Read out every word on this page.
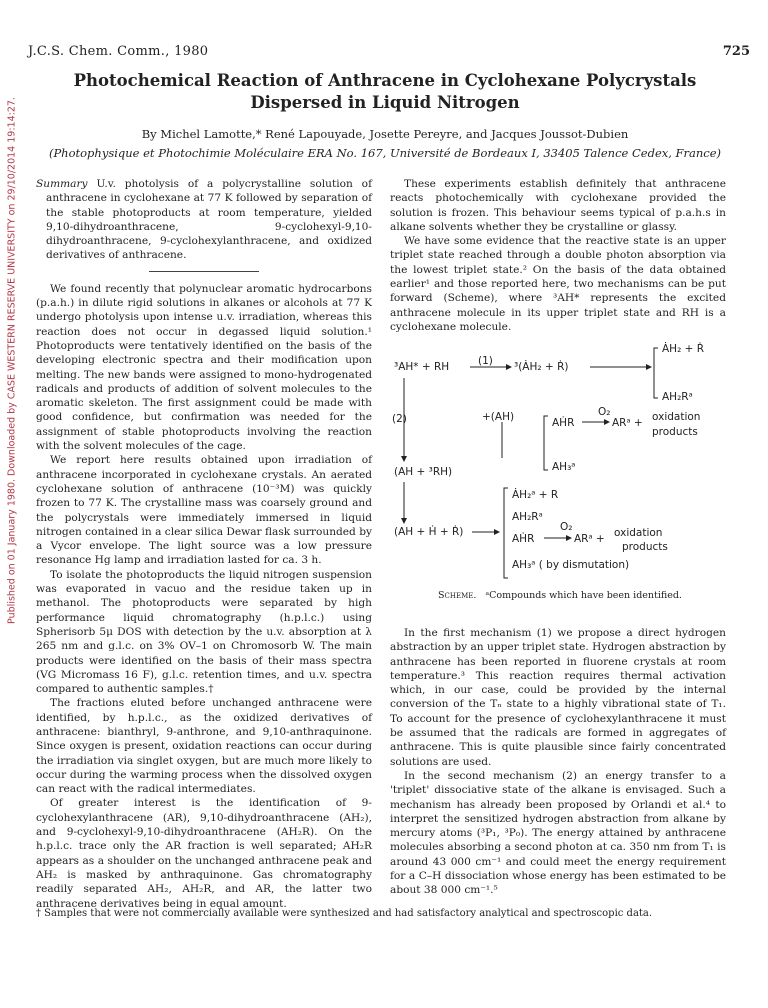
J.C.S. Chem. Comm., 1980	725
Published on 01 January 1980. Downloaded by CASE WESTERN RESERVE UNIVERSITY on 29/10/2014 19:14:27.
Photochemical Reaction of Anthracene in Cyclohexane Polycrystals
Dispersed in Liquid Nitrogen
By Michel Lamotte,* René Lapouyade, Josette Pereyre, and Jacques Joussot-Dubien
(Photophysique et Photochimie Moléculaire ERA No. 167, Université de Bordeaux I, 33405 Talence Cedex, France)
Summary U.v. photolysis of a polycrystalline solution of anthracene in cyclohexane at 77 K followed by separation of the stable photoproducts at room temperature, yielded 9,10-dihydroanthracene, 9-cyclohexyl-9,10-dihydroanthracene, 9-cyclohexylanthracene, and oxidized derivatives of anthracene.

We found recently that polynuclear aromatic hydrocarbons (p.a.h.) in dilute rigid solutions in alkanes or alcohols at 77 K undergo photolysis upon intense u.v. irradiation, whereas this reaction does not occur in degassed liquid solution.¹ Photoproducts were tentatively identified on the basis of the developing electronic spectra and their modification upon melting. The new bands were assigned to mono-hydrogenated radicals and products of addition of solvent molecules to the aromatic skeleton. The first assignment could be made with good confidence, but confirmation was needed for the assignment of stable photoproducts involving the reaction with the solvent molecules of the cage.

We report here results obtained upon irradiation of anthracene incorporated in cyclohexane crystals. An aerated cyclohexane solution of anthracene (10⁻³M) was quickly frozen to 77 K. The crystalline mass was coarsely ground and the polycrystals were immediately immersed in liquid nitrogen contained in a clear silica Dewar flask surrounded by a Vycor envelope. The light source was a low pressure resonance Hg lamp and irradiation lasted for ca. 3 h.

To isolate the photoproducts the liquid nitrogen suspension was evaporated in vacuo and the residue taken up in methanol. The photoproducts were separated by high performance liquid chromatography (h.p.l.c.) using Spherisorb 5μ DOS with detection by the u.v. absorption at λ 265 nm and g.l.c. on 3% OV–1 on Chromosorb W. The main products were identified on the basis of their mass spectra (VG Micromass 16 F), g.l.c. retention times, and u.v. spectra compared to authentic samples.†

The fractions eluted before unchanged anthracene were identified, by h.p.l.c., as the oxidized derivatives of anthracene: bianthryl, 9-anthrone, and 9,10-anthraquinone. Since oxygen is present, oxidation reactions can occur during the irradiation via singlet oxygen, but are much more likely to occur during the warming process when the dissolved oxygen can react with the radical intermediates.

Of greater interest is the identification of 9-cyclohexylanthracene (AR), 9,10-dihydroanthracene (AH₂), and 9-cyclohexyl-9,10-dihydroanthracene (AH₂R). On the h.p.l.c. trace only the AR fraction is well separated; AH₂R appears as a shoulder on the unchanged anthracene peak and AH₂ is masked by anthraquinone. Gas chromatography readily separated AH₂, AH₂R, and AR, the latter two anthracene derivatives being in equal amount.

These experiments establish definitely that anthracene reacts photochemically with cyclohexane provided the solution is frozen. This behaviour seems typical of p.a.h.s in alkane solvents whether they be crystalline or glassy.

We have some evidence that the reactive state is an upper triplet state reached through a double photon absorption via the lowest triplet state.² On the basis of the data obtained earlier¹ and those reported here, two mechanisms can be put forward (Scheme), where ³AH* represents the excited anthracene molecule in its upper triplet state and RH is a cyclohexane molecule.

³AH* + RH	(1) ³(ȦH₂ + Ṙ)
ȦH₂ + Ṙ
AH₂Rᵃ
(2)
(AH + ³RH)
+(AH)	AḢR
O₂
ARᵃ + oxidation
products
AH₃ᵃ
(AH + Ḣ + Ṙ)
ȦH₂ᵃ + R
AH₂Rᵃ
AḢR
O₂
ARᵃ + oxidation
products
AH₃ᵃ ( by dismutation)
Scheme. ᵃCompounds which have been identified.

In the first mechanism (1) we propose a direct hydrogen abstraction by an upper triplet state. Hydrogen abstraction by anthracene has been reported in fluorene crystals at room temperature.³ This reaction requires thermal activation which, in our case, could be provided by the internal conversion of the Tₙ state to a highly vibrational state of T₁. To account for the presence of cyclohexylanthracene it must be assumed that the radicals are formed in aggregates of anthracene. This is quite plausible since fairly concentrated solutions are used.

In the second mechanism (2) an energy transfer to a 'triplet' dissociative state of the alkane is envisaged. Such a mechanism has already been proposed by Orlandi et al.⁴ to interpret the sensitized hydrogen abstraction from alkane by mercury atoms (³P₁, ³P₀). The energy attained by anthracene molecules absorbing a second photon at ca. 350 nm from T₁ is around 43 000 cm⁻¹ and could meet the energy requirement for a C–H dissociation whose energy has been estimated to be about 38 000 cm⁻¹.⁵

† Samples that were not commercially available were synthesized and had satisfactory analytical and spectroscopic data.
